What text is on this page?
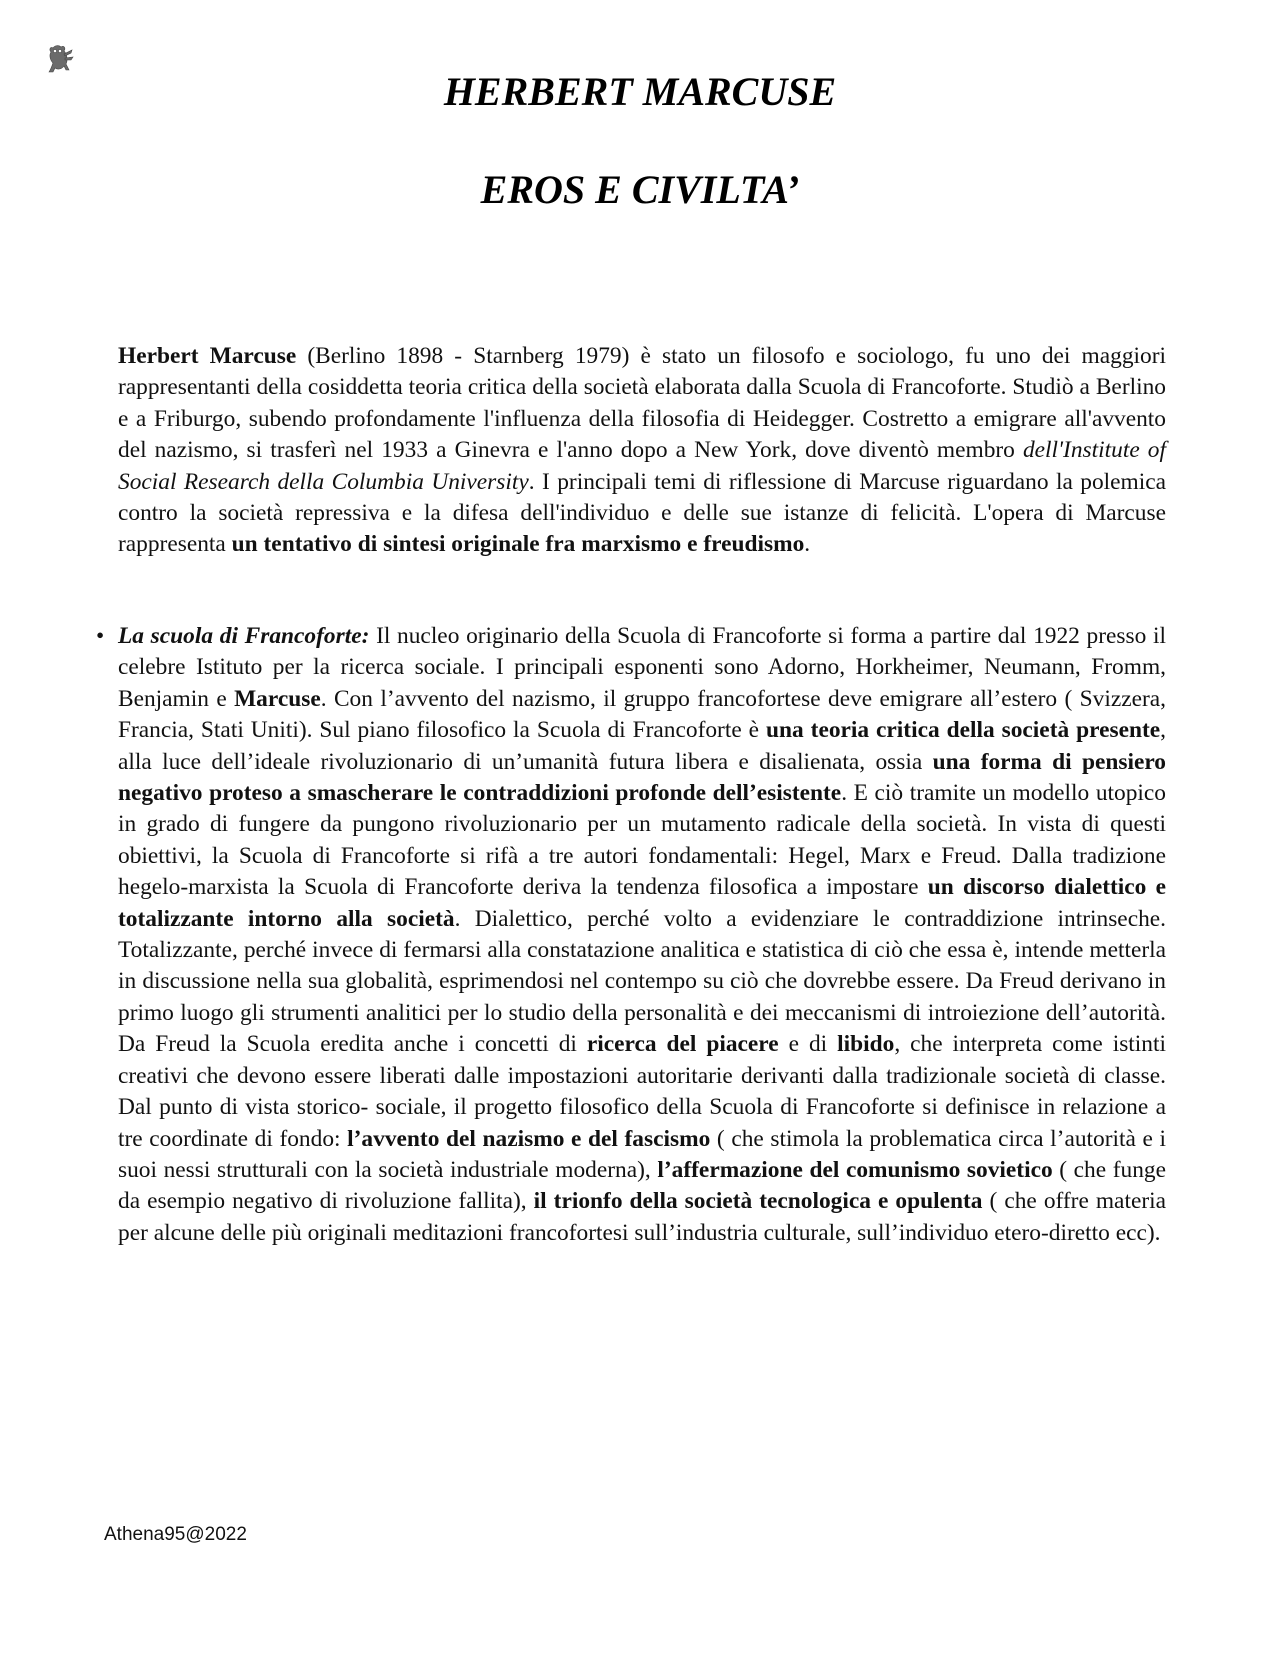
HERBERT MARCUSE
EROS E CIVILTA’

Herbert Marcuse (Berlino 1898 - Starnberg 1979) è stato un filosofo e sociologo, fu uno dei maggiori rappresentanti della cosiddetta teoria critica della società elaborata dalla Scuola di Francoforte. Studiò a Berlino e a Friburgo, subendo profondamente l'influenza della filosofia di Heidegger. Costretto a emigrare all'avvento del nazismo, si trasferì nel 1933 a Ginevra e l'anno dopo a New York, dove diventò membro dell'Institute of Social Research della Columbia University. I principali temi di riflessione di Marcuse riguardano la polemica contro la società repressiva e la difesa dell'individuo e delle sue istanze di felicità. L'opera di Marcuse rappresenta un tentativo di sintesi originale fra marxismo e freudismo.

• La scuola di Francoforte: Il nucleo originario della Scuola di Francoforte si forma a partire dal 1922 presso il celebre Istituto per la ricerca sociale. I principali esponenti sono Adorno, Horkheimer, Neumann, Fromm, Benjamin e Marcuse. Con l’avvento del nazismo, il gruppo francofortese deve emigrare all’estero ( Svizzera, Francia, Stati Uniti). Sul piano filosofico la Scuola di Francoforte è una teoria critica della società presente, alla luce dell’ideale rivoluzionario di un’umanità futura libera e disalienata, ossia una forma di pensiero negativo proteso a smascherare le contraddizioni profonde dell’esistente. E ciò tramite un modello utopico in grado di fungere da pungono rivoluzionario per un mutamento radicale della società. In vista di questi obiettivi, la Scuola di Francoforte si rifà a tre autori fondamentali: Hegel, Marx e Freud. Dalla tradizione hegelo-marxista la Scuola di Francoforte deriva la tendenza filosofica a impostare un discorso dialettico e totalizzante intorno alla società. Dialettico, perché volto a evidenziare le contraddizione intrinseche. Totalizzante, perché invece di fermarsi alla constatazione analitica e statistica di ciò che essa è, intende metterla in discussione nella sua globalità, esprimendosi nel contempo su ciò che dovrebbe essere. Da Freud derivano in primo luogo gli strumenti analitici per lo studio della personalità e dei meccanismi di introiezione dell’autorità. Da Freud la Scuola eredita anche i concetti di ricerca del piacere e di libido, che interpreta come istinti creativi che devono essere liberati dalle impostazioni autoritarie derivanti dalla tradizionale società di classe. Dal punto di vista storico- sociale, il progetto filosofico della Scuola di Francoforte si definisce in relazione a tre coordinate di fondo: l’avvento del nazismo e del fascismo ( che stimola la problematica circa l’autorità e i suoi nessi strutturali con la società industriale moderna), l’affermazione del comunismo sovietico ( che funge da esempio negativo di rivoluzione fallita), il trionfo della società tecnologica e opulenta ( che offre materia per alcune delle più originali meditazioni francofortesi sull’industria culturale, sull’individuo etero-diretto ecc).

Athena95@2022
